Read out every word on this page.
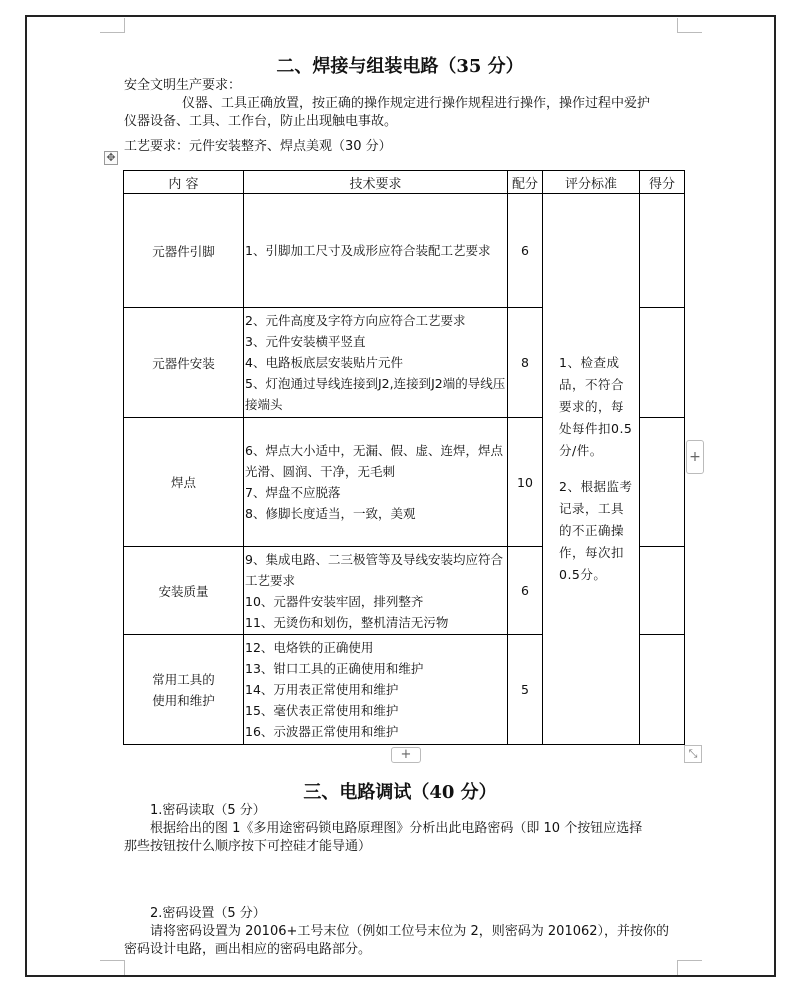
二、焊接与组装电路（35 分）
安全文明生产要求：
仪器、工具正确放置，按正确的操作规定进行操作规程进行操作，操作过程中爱护
仪器设备、工具、工作台，防止出现触电事故。
工艺要求：元件安装整齐、焊点美观（30 分）
✥
内 容	技术要求	配分	评分标准	得分
元器件引脚	1、引脚加工尺寸及成形应符合装配工艺要求	6	1、检查成品，不符合要求的，每处每件扣0.5分/件。
2、根据监考记录，工具的不正确操作，每次扣0.5分。	

元器件安装	2、元件高度及字符方向应符合工艺要求
3、元件安装横平竖直
4、电路板底层安装贴片元件
5、灯泡通过导线连接到J2,连接到J2端的导线压接端头	8		
焊点	6、焊点大小适中，无漏、假、虚、连焊，焊点光滑、圆润、干净，无毛刺
7、焊盘不应脱落
8、修脚长度适当，一致，美观	10		
安装质量	9、集成电路、二三极管等及导线安装均应符合工艺要求
10、元器件安装牢固，排列整齐
11、无烫伤和划伤，整机清洁无污物	6		
常用工具的使用和维护	12、电烙铁的正确使用
13、钳口工具的正确使用和维护
14、万用表正常使用和维护
15、毫伏表正常使用和维护
16、示波器正常使用和维护	5		
+
+	⤡
三、电路调试（40 分）
1.密码读取（5 分）
根据给出的图 1《多用途密码锁电路原理图》分析出此电路密码（即 10 个按钮应选择
那些按钮按什么顺序按下可控硅才能导通）
2.密码设置（5 分）
请将密码设置为 20106+工号末位（例如工位号末位为 2，则密码为 201062），并按你的
密码设计电路，画出相应的密码电路部分。
